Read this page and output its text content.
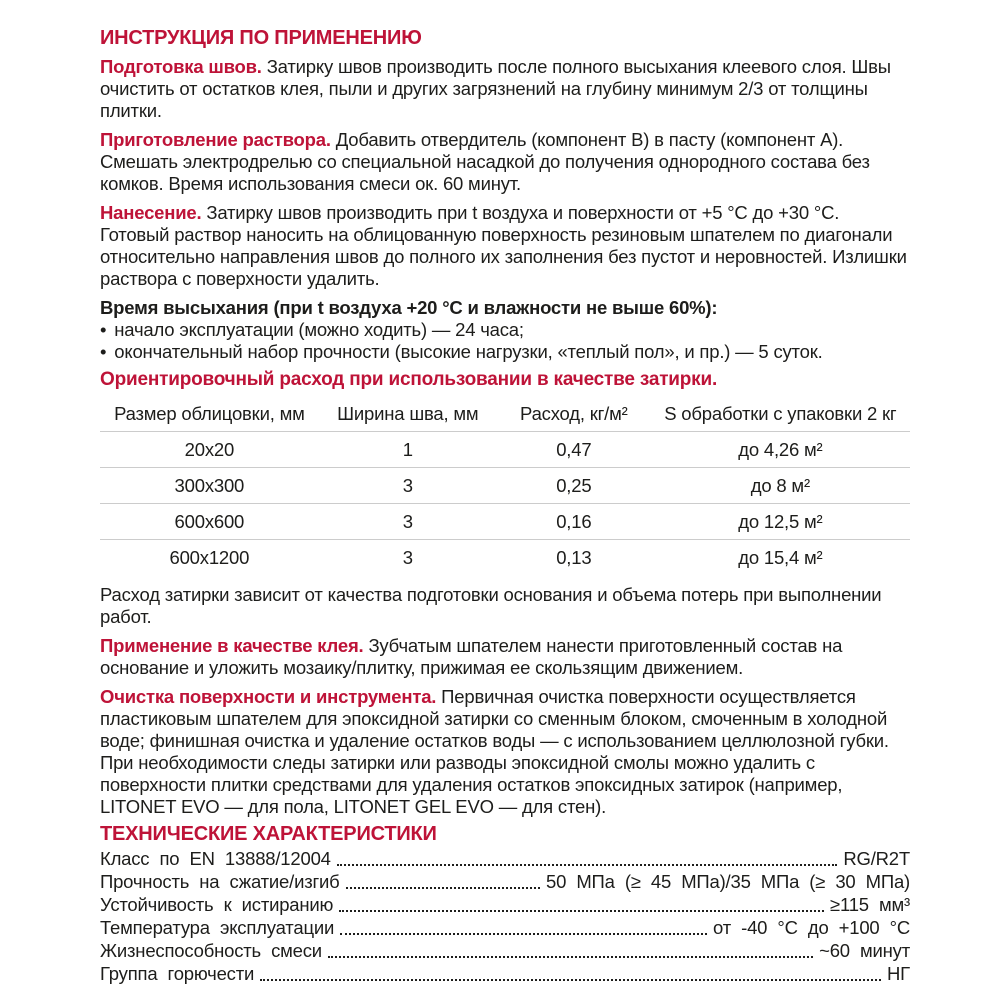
ИНСТРУКЦИЯ ПО ПРИМЕНЕНИЮ

Подготовка швов. Затирку швов производить после полного высыхания клеевого слоя. Швы очистить от остатков клея, пыли и других загрязнений на глубину минимум 2/3 от толщины плитки.

Приготовление раствора. Добавить отвердитель (компонент B) в пасту (компонент A). Смешать электродрелью со специальной насадкой до получения однородного состава без комков. Время использования смеси ок. 60 минут.

Нанесение. Затирку швов производить при t воздуха и поверхности от +5 °C до +30 °C. Готовый раствор наносить на облицованную поверхность резиновым шпателем по диагонали относительно направления швов до полного их заполнения без пустот и неровностей. Излишки раствора с поверхности удалить.

Время высыхания (при t воздуха +20 °C и влажности не выше 60%):

• начало эксплуатации (можно ходить) — 24 часа;
• окончательный набор прочности (высокие нагрузки, «теплый пол», и пр.) — 5 суток.

Ориентировочный расход при использовании в качестве затирки.

Размер облицовки, мм	Ширина шва, мм	Расход, кг/м²	S обработки с упаковки 2 кг
20x20	1	0,47	до 4,26 м²
300x300	3	0,25	до 8 м²
600x600	3	0,16	до 12,5 м²
600x1200	3	0,13	до 15,4 м²

Расход затирки зависит от качества подготовки основания и объема потерь при выполнении работ.

Применение в качестве клея. Зубчатым шпателем нанести приготовленный состав на основание и уложить мозаику/плитку, прижимая ее скользящим движением.

Очистка поверхности и инструмента. Первичная очистка поверхности осуществляется пластиковым шпателем для эпоксидной затирки со сменным блоком, смоченным в холодной воде; финишная очистка и удаление остатков воды — с использованием целлюлозной губки. При необходимости следы затирки или разводы эпоксидной смолы можно удалить с поверхности плитки средствами для удаления остатков эпоксидных затирок (например, LITONET EVO — для пола, LITONET GEL EVO — для стен).

ТЕХНИЧЕСКИЕ ХАРАКТЕРИСТИКИ
Класс по EN 13888/12004	RG/R2T
Прочность на сжатие/изгиб	50 МПа (≥ 45 МПа)/35 МПа (≥ 30 МПа)
Устойчивость к истиранию	≥115 мм³
Температура эксплуатации	от -40 °C до +100 °C
Жизнеспособность смеси	~60 минут
Группа горючести	НГ
